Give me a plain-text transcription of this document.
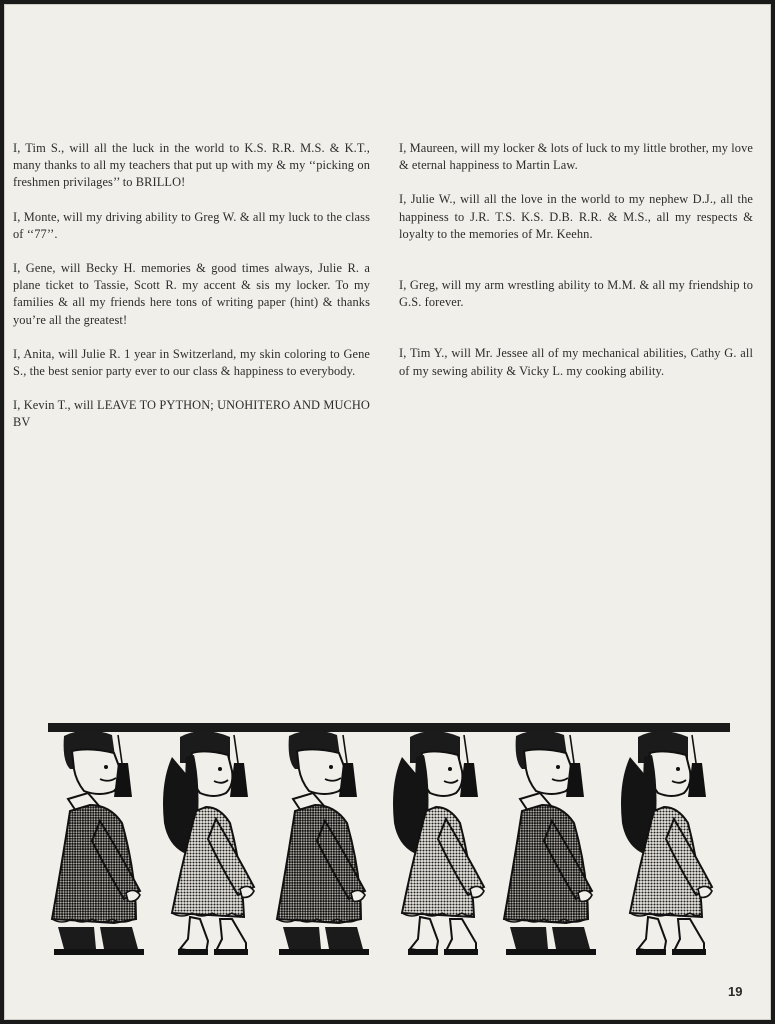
I, Tim S., will all the luck in the world to K.S. R.R. M.S. & K.T., many thanks to all my teachers that put up with my & my ‘‘picking on freshmen privilages’’ to BRILLO!

I, Monte, will my driving ability to Greg W. & all my luck to the class of ‘‘77’’.

I, Gene, will Becky H. memories & good times always, Julie R. a plane ticket to Tassie, Scott R. my accent & sis my locker. To my families & all my friends here tons of writing paper (hint) & thanks you’re all the greatest!

I, Anita, will Julie R. 1 year in Switzerland, my skin coloring to Gene S., the best senior party ever to our class & happiness to everybody.

I, Kevin T., will LEAVE TO PYTHON; UNOHITERO AND MUCHO BV

I, Maureen, will my locker & lots of luck to my little brother, my love & eternal happiness to Martin Law.

I, Julie W., will all the love in the world to my nephew D.J., all the happiness to J.R. T.S. K.S. D.B. R.R. & M.S., all my respects & loyalty to the memories of Mr. Keehn.

I, Greg, will my arm wrestling ability to M.M. & all my friendship to G.S. forever.

I, Tim Y., will Mr. Jessee all of my mechanical abilities, Cathy G. all of my sewing ability & Vicky L. my cooking ability.

19
